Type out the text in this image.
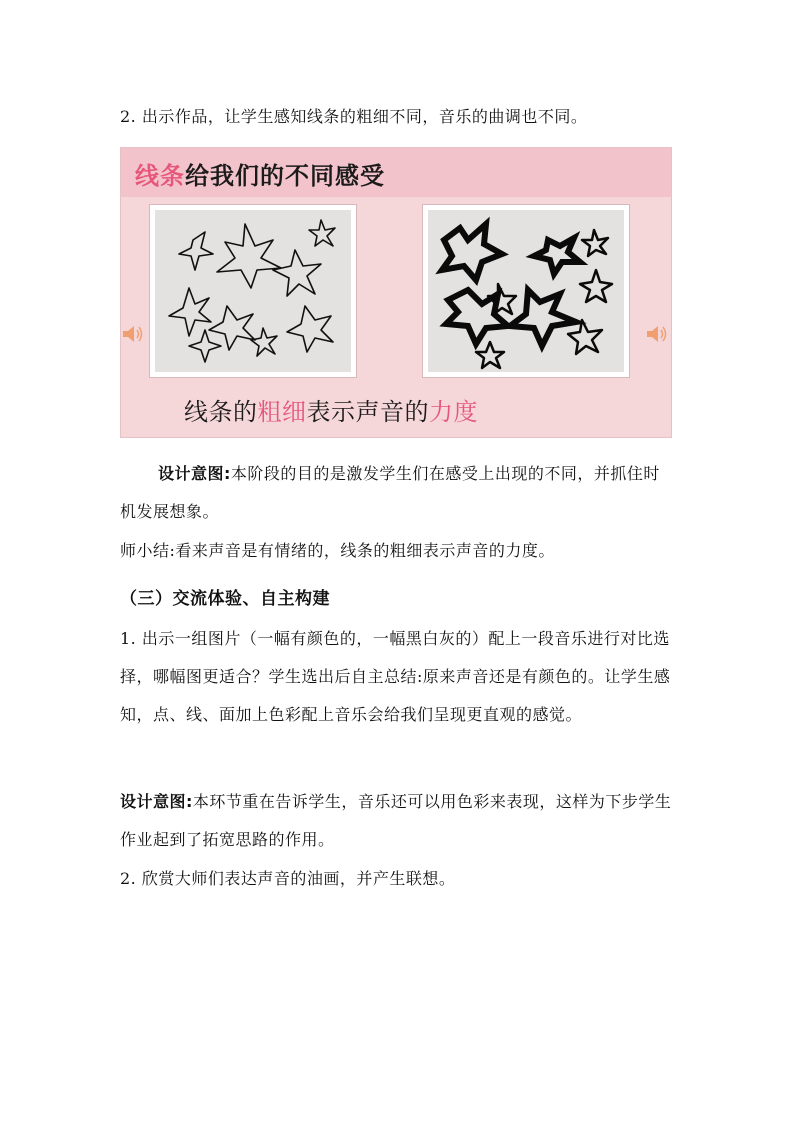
2. 出示作品，让学生感知线条的粗细不同，音乐的曲调也不同。
线条给我们的不同感受
线条的粗细表示声音的力度
设计意图:本阶段的目的是激发学生们在感受上出现的不同，并抓住时机发展想象。
师小结:看来声音是有情绪的，线条的粗细表示声音的力度。
（三）交流体验、自主构建
1. 出示一组图片（一幅有颜色的，一幅黑白灰的）配上一段音乐进行对比选择，哪幅图更适合？学生选出后自主总结:原来声音还是有颜色的。让学生感知，点、线、面加上色彩配上音乐会给我们呈现更直观的感觉。
设计意图:本环节重在告诉学生，音乐还可以用色彩来表现，这样为下步学生作业起到了拓宽思路的作用。
2. 欣赏大师们表达声音的油画，并产生联想。
